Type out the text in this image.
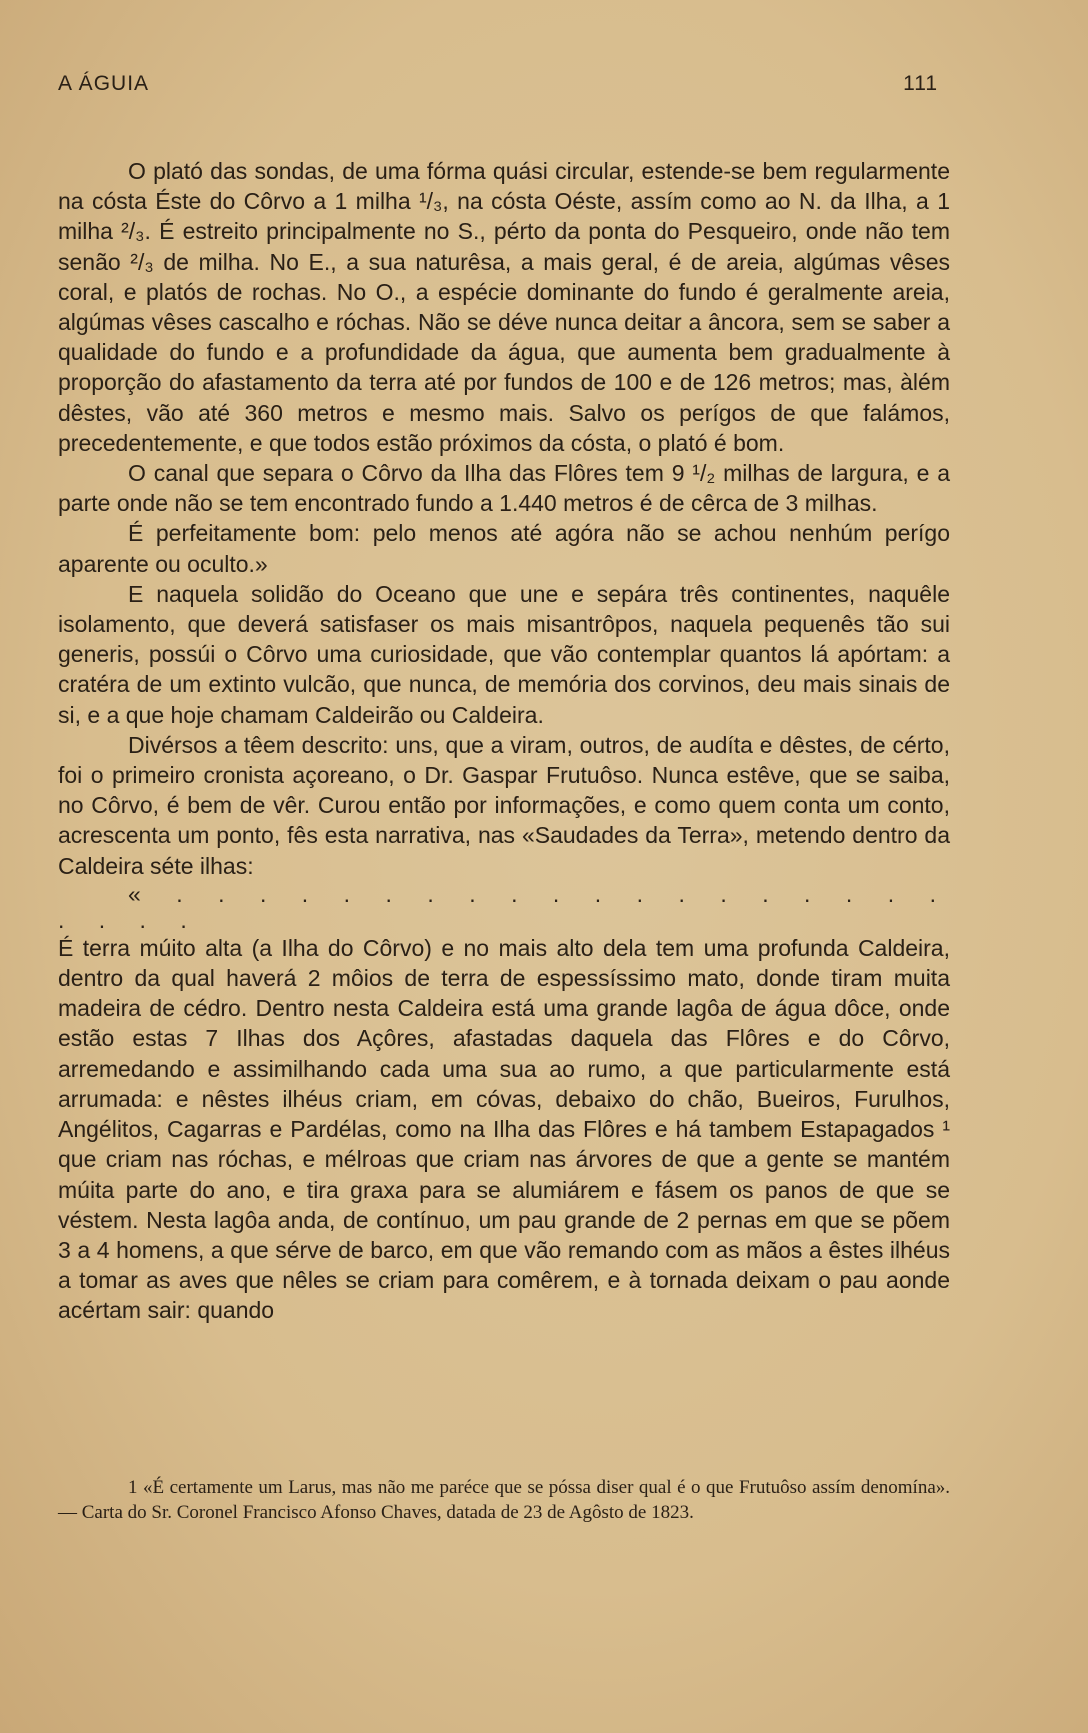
A ÁGUIA	111

O plató das sondas, de uma fórma quási circular, estende-se bem regularmente na cósta Éste do Côrvo a 1 milha ¹/₃, na cósta Oéste, assím como ao N. da Ilha, a 1 milha ²/₃. É estreito principalmente no S., pérto da ponta do Pesqueiro, onde não tem senão ²/₃ de milha. No E., a sua naturêsa, a mais geral, é de areia, algúmas vêses coral, e platós de rochas. No O., a espécie dominante do fundo é geralmente areia, algúmas vêses cascalho e róchas. Não se déve nunca deitar a âncora, sem se saber a qualidade do fundo e a profundidade da água, que aumenta bem gradualmente à proporção do afastamento da terra até por fundos de 100 e de 126 metros; mas, àlém dêstes, vão até 360 metros e mesmo mais. Salvo os perígos de que falámos, precedentemente, e que todos estão próximos da cósta, o plató é bom.

O canal que separa o Côrvo da Ilha das Flôres tem 9 ¹/₂ milhas de largura, e a parte onde não se tem encontrado fundo a 1.440 metros é de cêrca de 3 milhas.

É perfeitamente bom: pelo menos até agóra não se achou nenhúm perígo aparente ou oculto.»

E naquela solidão do Oceano que une e sepára três continentes, naquêle isolamento, que deverá satisfaser os mais misantrôpos, naquela pequenês tão sui generis, possúi o Côrvo uma curiosidade, que vão contemplar quantos lá apórtam: a cratéra de um extinto vulcão, que nunca, de memória dos corvinos, deu mais sinais de si, e a que hoje chamam Caldeirão ou Caldeira.

Divérsos a têem descrito: uns, que a viram, outros, de audíta e dêstes, de cérto, foi o primeiro cronista açoreano, o Dr. Gaspar Frutuôso. Nunca estêve, que se saiba, no Côrvo, é bem de vêr. Curou então por informações, e como quem conta um conto, acrescenta um ponto, fês esta narrativa, nas «Saudades da Terra», metendo dentro da Caldeira séte ilhas:

« . . . . . . . . . . . . . . . . . . . . . . .

É terra múito alta (a Ilha do Côrvo) e no mais alto dela tem uma profunda Caldeira, dentro da qual haverá 2 môios de terra de espessíssimo mato, donde tiram muita madeira de cédro. Dentro nesta Caldeira está uma grande lagôa de água dôce, onde estão estas 7 Ilhas dos Açôres, afastadas daquela das Flôres e do Côrvo, arremedando e assimilhando cada uma sua ao rumo, a que particularmente está arrumada: e nêstes ilhéus criam, em cóvas, debaixo do chão, Bueiros, Furulhos, Angélitos, Cagarras e Pardélas, como na Ilha das Flôres e há tambem Estapagados ¹ que criam nas róchas, e mélroas que criam nas árvores de que a gente se mantém múita parte do ano, e tira graxa para se alumiárem e fásem os panos de que se véstem. Nesta lagôa anda, de contínuo, um pau grande de 2 pernas em que se põem 3 a 4 homens, a que sérve de barco, em que vão remando com as mãos a êstes ilhéus a tomar as aves que nêles se criam para comêrem, e à tornada deixam o pau aonde acértam sair: quando

1 «É certamente um Larus, mas não me paréce que se póssa diser qual é o que Frutuôso assím denomína». — Carta do Sr. Coronel Francisco Afonso Chaves, datada de 23 de Agôsto de 1823.
